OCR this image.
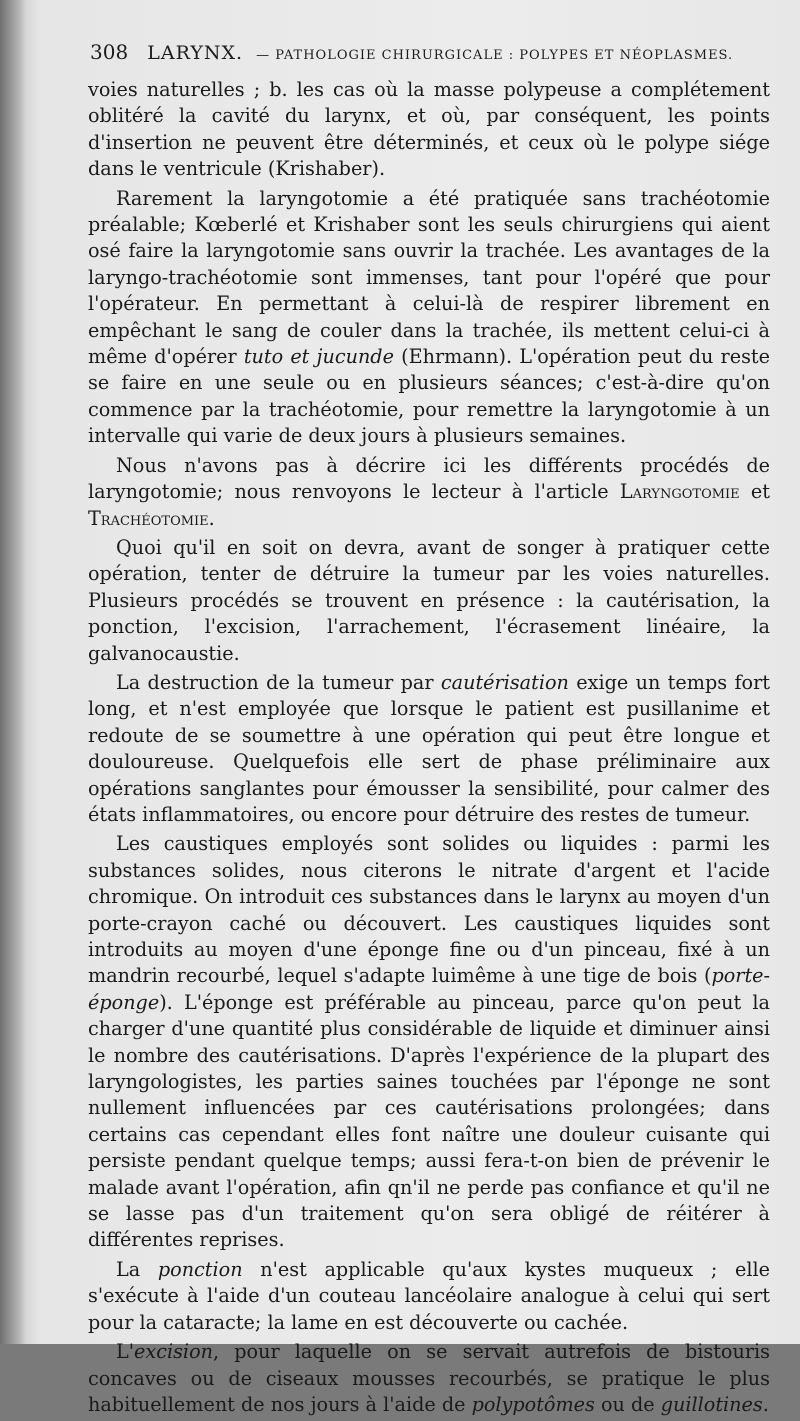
308 LARYNX. — PATHOLOGIE CHIRURGICALE : POLYPES ET NÉOPLASMES.

voies naturelles ; b. les cas où la masse polypeuse a complétement oblitéré la cavité du larynx, et où, par conséquent, les points d'insertion ne peuvent être déterminés, et ceux où le polype siége dans le ventricule (Krishaber).

Rarement la laryngotomie a été pratiquée sans trachéotomie préalable; Kœberlé et Krishaber sont les seuls chirurgiens qui aient osé faire la laryngotomie sans ouvrir la trachée. Les avantages de la laryngo-trachéotomie sont immenses, tant pour l'opéré que pour l'opérateur. En permettant à celui-là de respirer librement en empêchant le sang de couler dans la trachée, ils mettent celui-ci à même d'opérer tuto et jucunde (Ehrmann). L'opération peut du reste se faire en une seule ou en plusieurs séances; c'est-à-dire qu'on commence par la trachéotomie, pour remettre la laryngotomie à un intervalle qui varie de deux jours à plusieurs semaines.

Nous n'avons pas à décrire ici les différents procédés de laryngotomie; nous renvoyons le lecteur à l'article Laryngotomie et Trachéotomie.

Quoi qu'il en soit on devra, avant de songer à pratiquer cette opération, tenter de détruire la tumeur par les voies naturelles. Plusieurs procédés se trouvent en présence : la cautérisation, la ponction, l'excision, l'arrachement, l'écrasement linéaire, la galvanocaustie.

La destruction de la tumeur par cautérisation exige un temps fort long, et n'est employée que lorsque le patient est pusillanime et redoute de se soumettre à une opération qui peut être longue et douloureuse. Quelquefois elle sert de phase préliminaire aux opérations sanglantes pour émousser la sensibilité, pour calmer des états inflammatoires, ou encore pour détruire des restes de tumeur.

Les caustiques employés sont solides ou liquides : parmi les substances solides, nous citerons le nitrate d'argent et l'acide chromique. On introduit ces substances dans le larynx au moyen d'un porte-crayon caché ou découvert. Les caustiques liquides sont introduits au moyen d'une éponge fine ou d'un pinceau, fixé à un mandrin recourbé, lequel s'adapte luimême à une tige de bois (porte-éponge). L'éponge est préférable au pinceau, parce qu'on peut la charger d'une quantité plus considérable de liquide et diminuer ainsi le nombre des cautérisations. D'après l'expérience de la plupart des laryngologistes, les parties saines touchées par l'éponge ne sont nullement influencées par ces cautérisations prolongées; dans certains cas cependant elles font naître une douleur cuisante qui persiste pendant quelque temps; aussi fera-t-on bien de prévenir le malade avant l'opération, afin qn'il ne perde pas confiance et qu'il ne se lasse pas d'un traitement qu'on sera obligé de réitérer à différentes reprises.

La ponction n'est applicable qu'aux kystes muqueux ; elle s'exécute à l'aide d'un couteau lancéolaire analogue à celui qui sert pour la cataracte; la lame en est découverte ou cachée.

L'excision, pour laquelle on se servait autrefois de bistouris concaves ou de ciseaux mousses recourbés, se pratique le plus habituellement de nos jours à l'aide de polypotômes ou de guillotines.
